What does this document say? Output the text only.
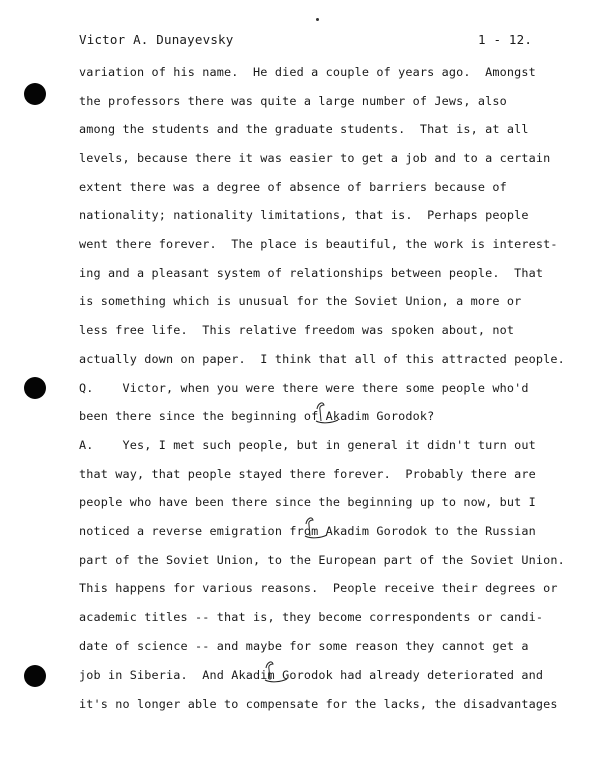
Victor A. Dunayevsky	1 - 12.
variation of his name.  He died a couple of years ago.  Amongst
the professors there was quite a large number of Jews, also
among the students and the graduate students.  That is, at all
levels, because there it was easier to get a job and to a certain
extent there was a degree of absence of barriers because of
nationality; nationality limitations, that is.  Perhaps people
went there forever.  The place is beautiful, the work is interest-
ing and a pleasant system of relationships between people.  That
is something which is unusual for the Soviet Union, a more or
less free life.  This relative freedom was spoken about, not
actually down on paper.  I think that all of this attracted people.
Q.    Victor, when you were there were there some people who'd
been there since the beginning of Akadim Gorodok?
A.    Yes, I met such people, but in general it didn't turn out
that way, that people stayed there forever.  Probably there are
people who have been there since the beginning up to now, but I
noticed a reverse emigration from Akadim Gorodok to the Russian
part of the Soviet Union, to the European part of the Soviet Union.
This happens for various reasons.  People receive their degrees or
academic titles -- that is, they become correspondents or candi-
date of science -- and maybe for some reason they cannot get a
job in Siberia.  And Akadim Gorodok had already deteriorated and
it's no longer able to compensate for the lacks, the disadvantages
